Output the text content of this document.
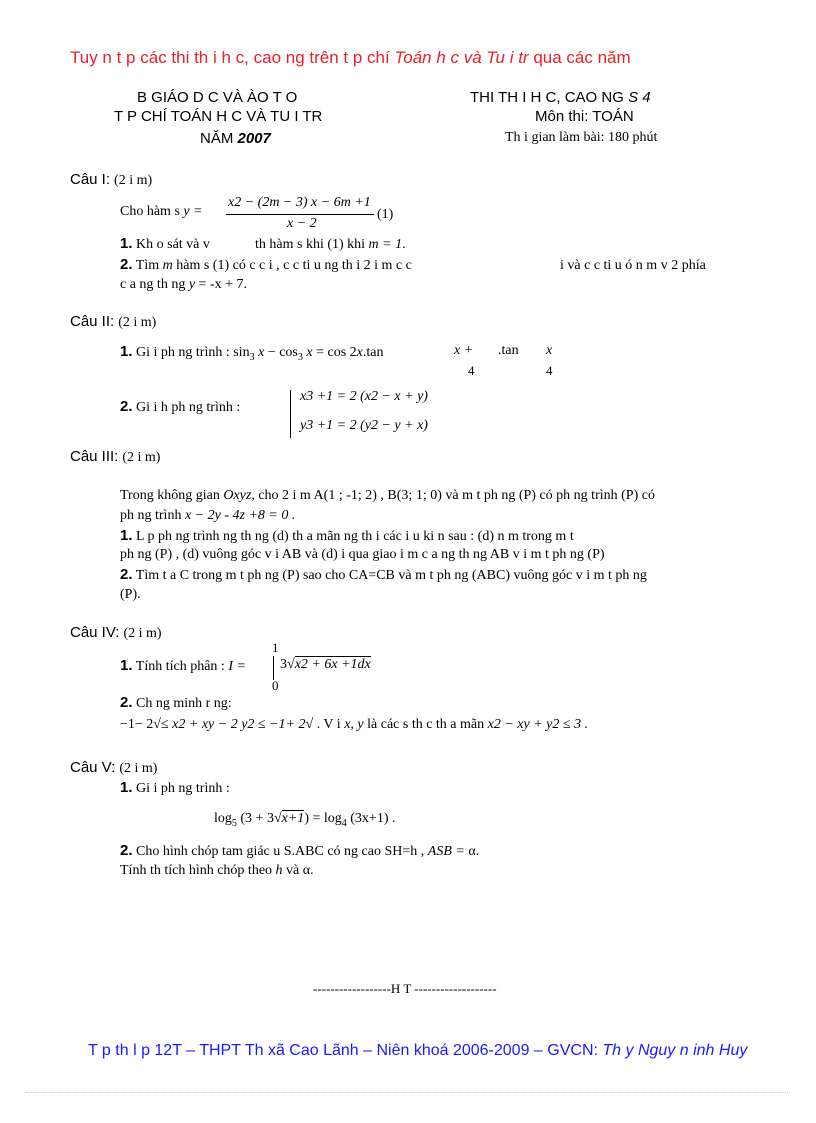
Tuy n t p các thi th i h c, cao ng trên t p chí Toán h c và Tu i tr qua các năm
B GIÁO D C VÀ ÀO T O
T P CHÍ TOÁN H C VÀ TU I TR
NĂM 2007
THI TH I H C, CAO NG S 4
Môn thi: TOÁN
Th i gian làm bài: 180 phút
Câu I: (2 i m)
Cho hàm s y =
x2 − (2m − 3) x − 6m +1
x − 2
(1)
1. Kh o sát và v	th hàm s khi (1) khi m = 1.
2. Tìm m hàm s (1) có c c i , c c ti u ng th i 2 i m c c	i và c c ti u ó n m v 2 phía
c a ng th ng y = -x + 7.
Câu II: (2 i m)
1. Gi i ph ng trình : $\sin_3 x - \cos_3 x = \cos 2x.\tan$	x +
4
.tan x
4
2. Gi i h ph ng trình :
x3 +1 = 2 (x2 − x + y)
y3 +1 = 2 (y2 − y + x)
Câu III: (2 i m)
Trong không gian Oxyz, cho 2 i m A(1 ; -1; 2) , B(3; 1; 0) và m t ph ng (P) có ph ng trình (P) có
ph ng trình x − 2y - 4z +8 = 0 .
1. L p ph ng trình ng th ng (d) th a mãn ng th i các i u ki n sau : (d) n m trong m t
ph ng (P) , (d) vuông góc v i AB và (d) i qua giao i m c a ng th ng AB v i m t ph ng (P)
2. Tìm t a C trong m t ph ng (P) sao cho CA=CB và m t ph ng (ABC) vuông góc v i m t ph ng
(P).
Câu IV: (2 i m)
1. Tính tích phân : I =
1
0
3√x2 + 6x +1dx
2. Ch ng minh r ng:
−1− 2√≤ x2 + xy − 2 y2 ≤ −1+ 2√ . V i x, y là các s th c th a mãn x2 − xy + y2 ≤ 3 .
Câu V: (2 i m)
1. Gi i ph ng trình :
$\log_5 (3 + 3√x+1) = \log_4 (3x+1)$ .
2. Cho hình chóp tam giác u S.ABC có ng cao SH=h , ASB = α.
Tính th tích hình chóp theo h và α.
------------------H T -------------------
T p th l p 12T – THPT Th xã Cao Lãnh – Niên khoá 2006-2009 – GVCN: Th y Nguy n inh Huy
